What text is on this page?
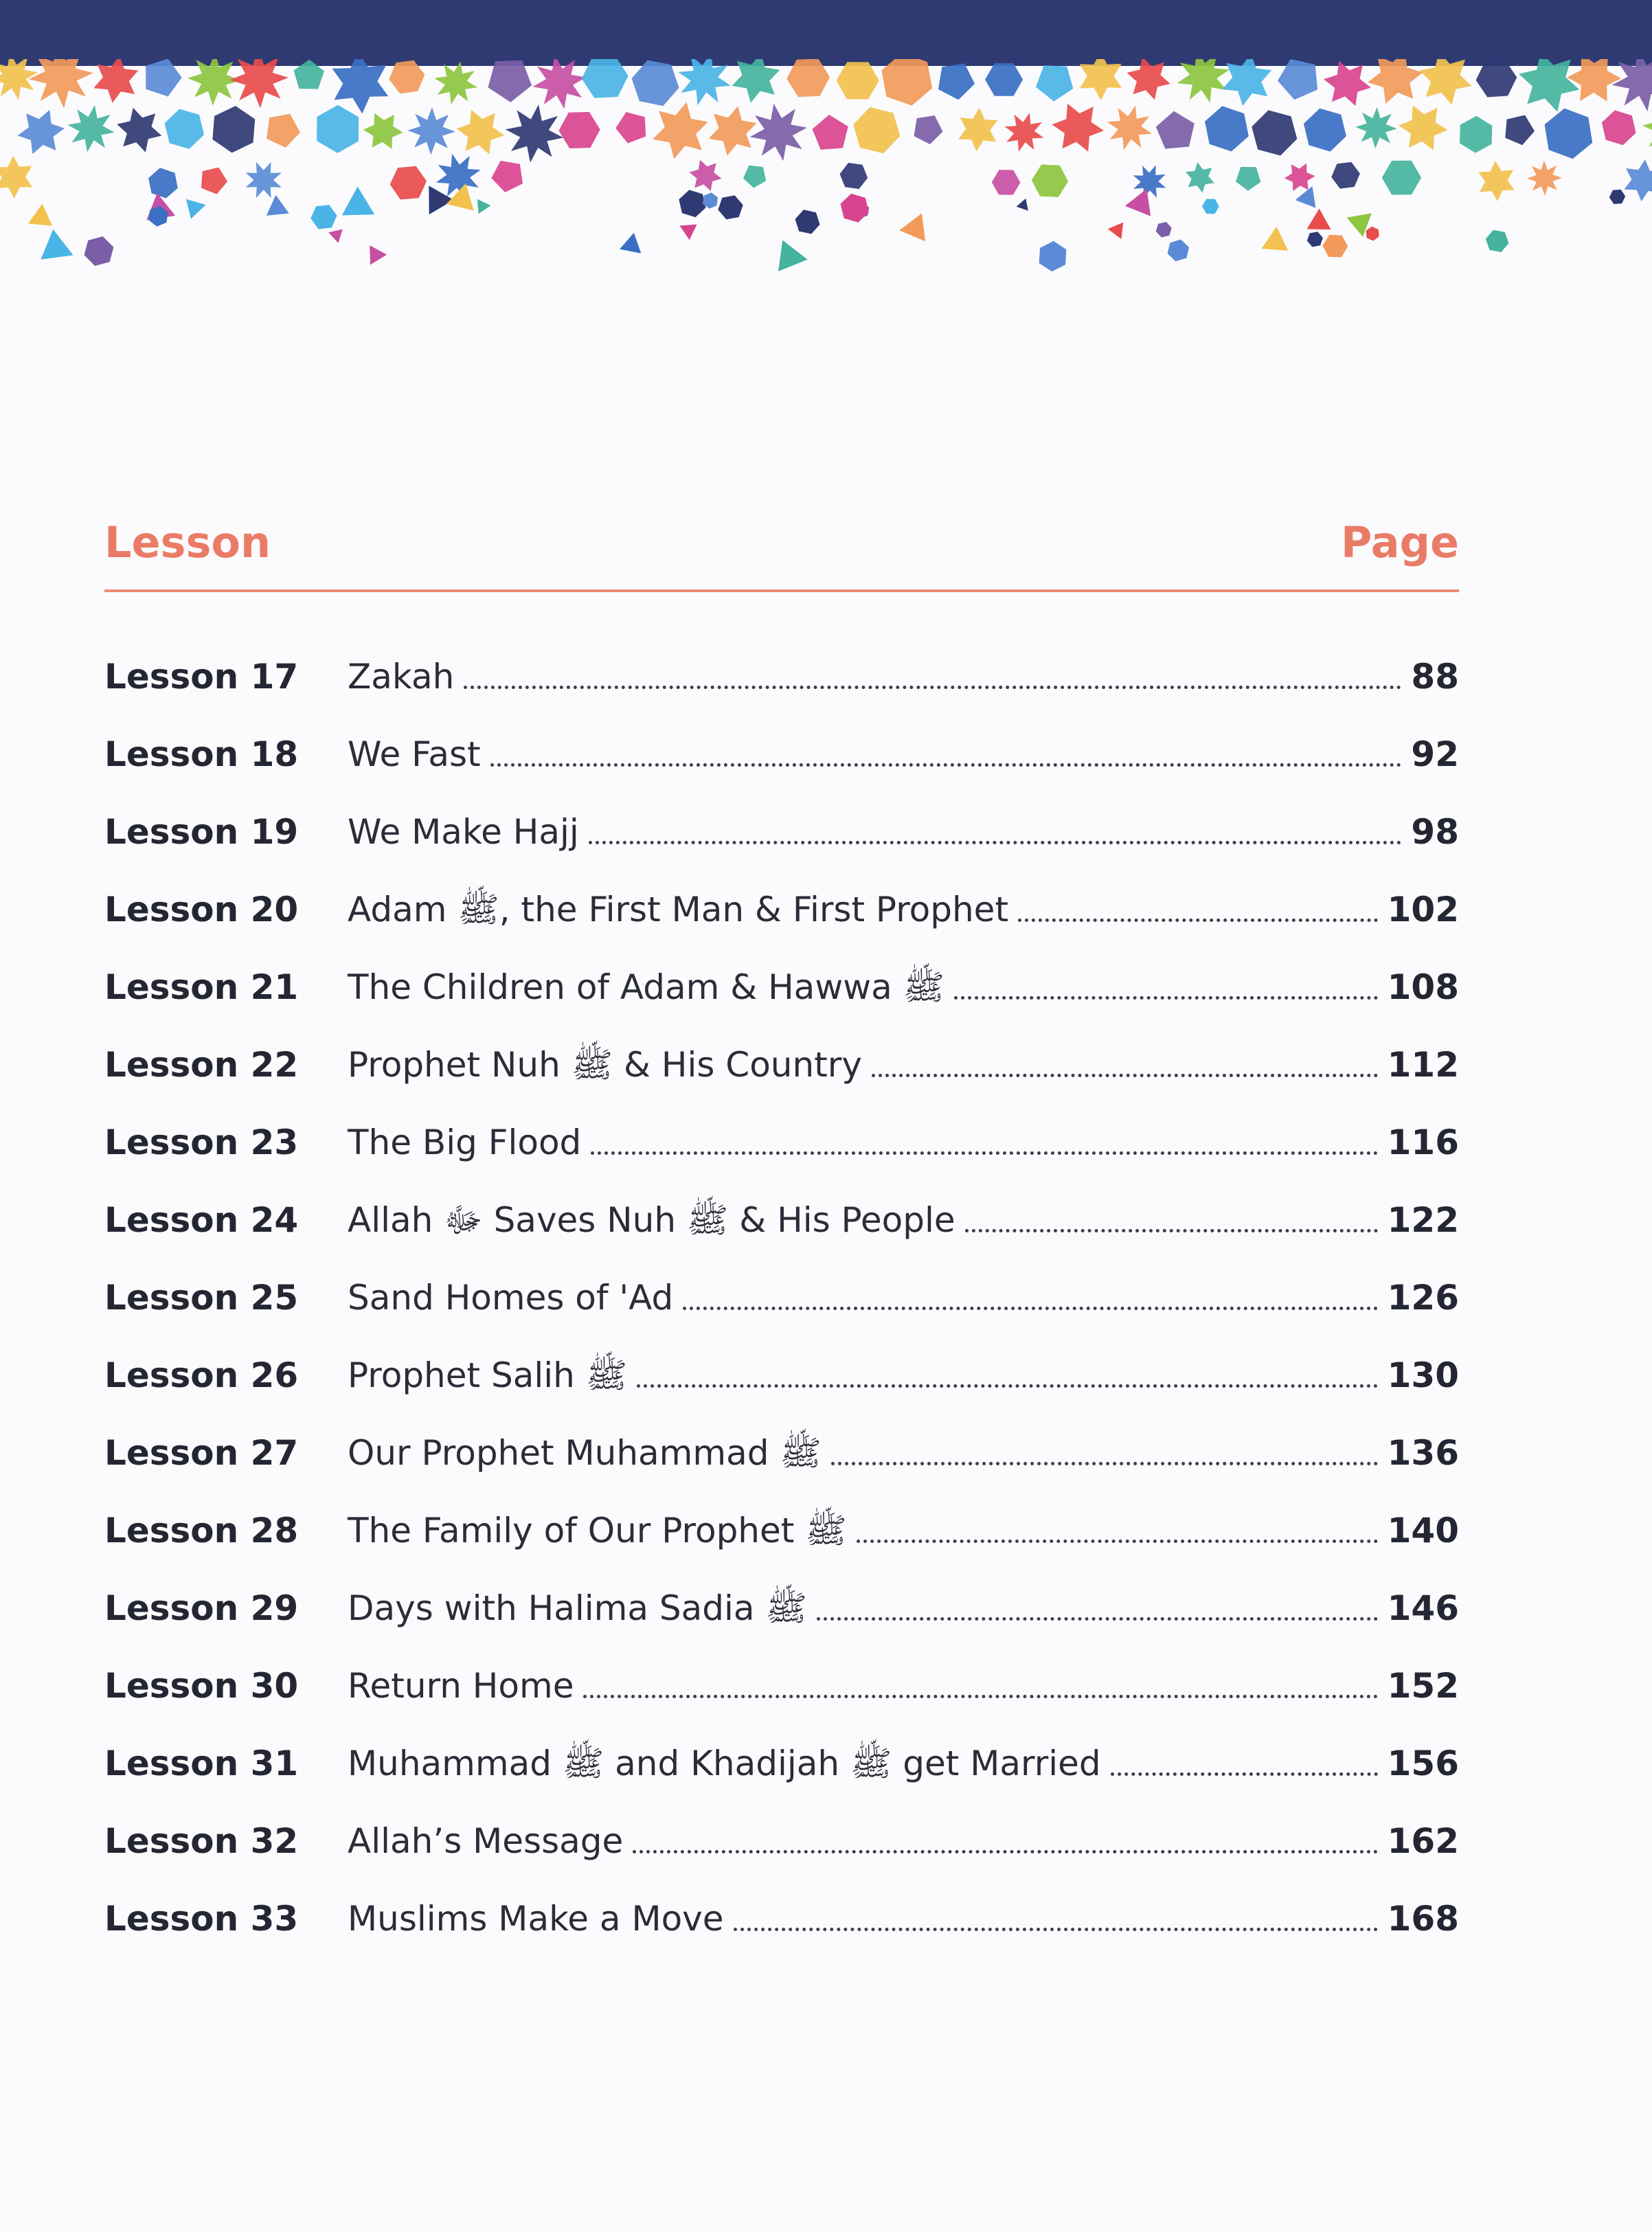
Lesson	Page
Lesson 17 Zakah	88
Lesson 18 We Fast	92
Lesson 19 We Make Hajj	98
Lesson 20 Adam ﷺ, the First Man & First Prophet	102
Lesson 21 The Children of Adam & Hawwa ﷺ	108
Lesson 22 Prophet Nuh ﷺ & His Country	112
Lesson 23 The Big Flood	116
Lesson 24 Allah ﷻ Saves Nuh ﷺ & His People	122
Lesson 25 Sand Homes of 'Ad	126
Lesson 26 Prophet Salih ﷺ	130
Lesson 27 Our Prophet Muhammad ﷺ	136
Lesson 28 The Family of Our Prophet ﷺ	140
Lesson 29 Days with Halima Sadia ﷺ	146
Lesson 30 Return Home	152
Lesson 31 Muhammad ﷺ and Khadijah ﷺ get Married	156
Lesson 32 Allah’s Message	162
Lesson 33 Muslims Make a Move	168
